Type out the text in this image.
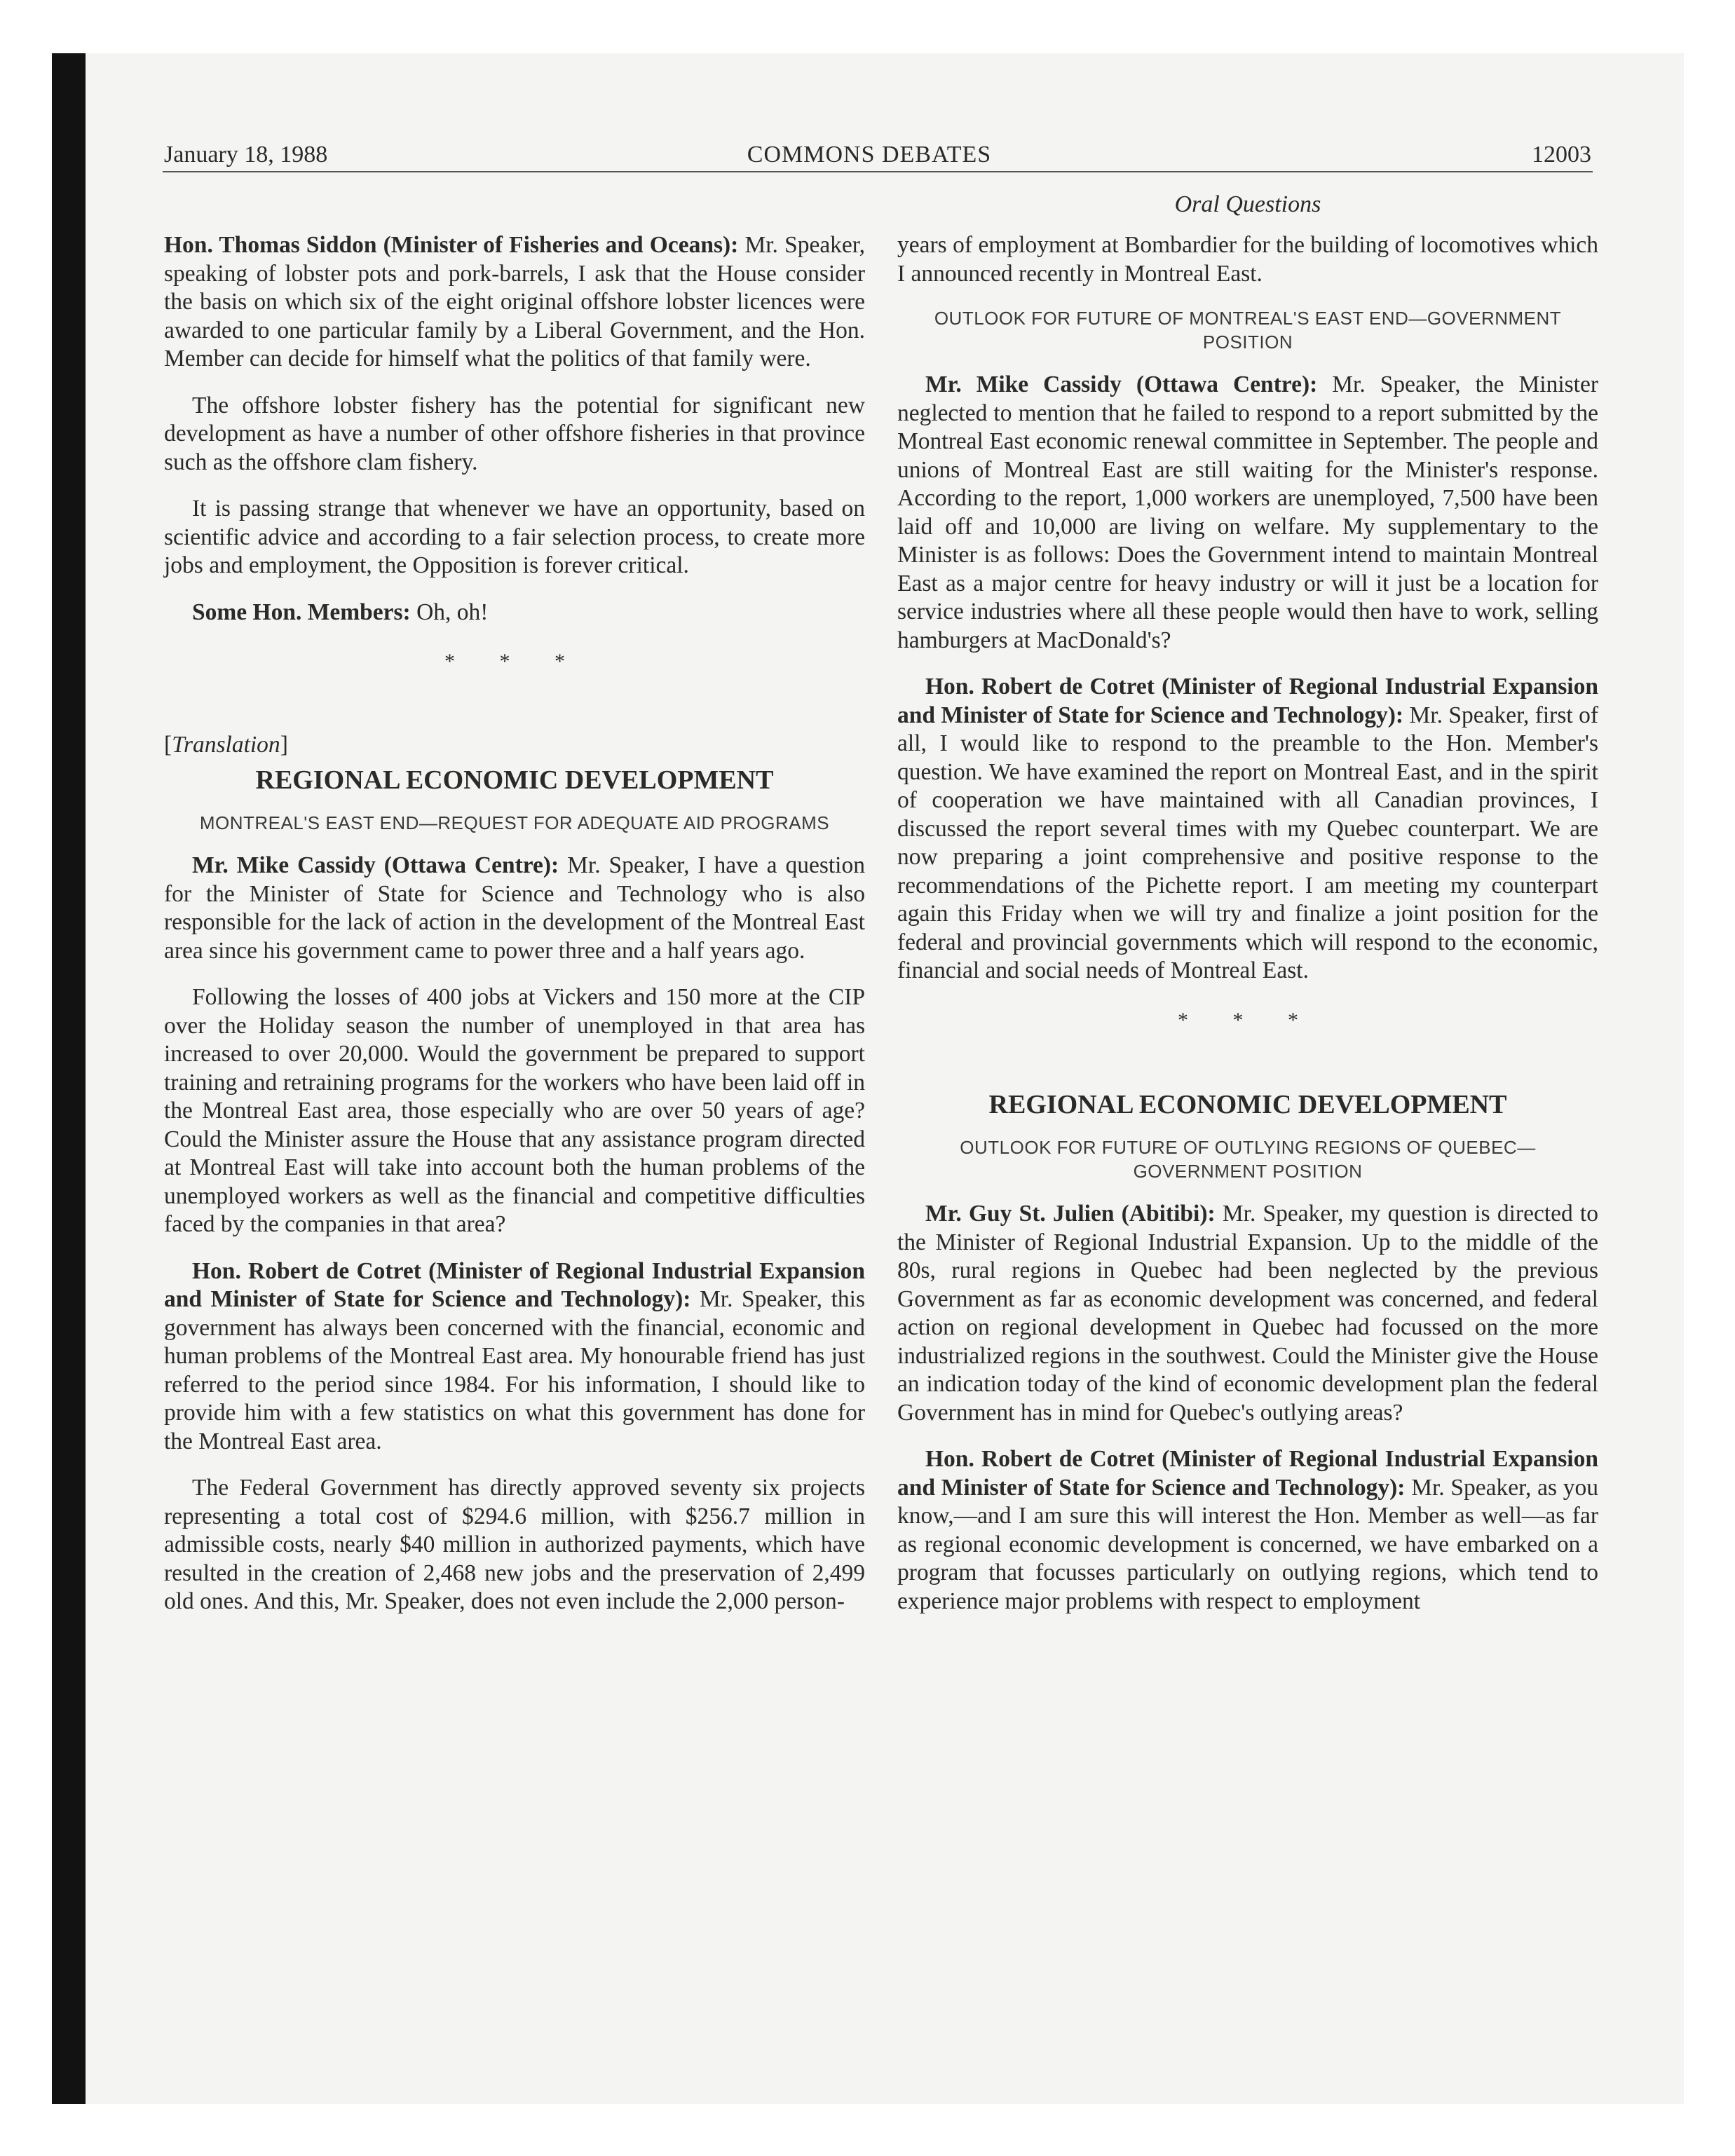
January 18, 1988	COMMONS DEBATES	12003
Oral Questions

Hon. Thomas Siddon (Minister of Fisheries and Oceans): Mr. Speaker, speaking of lobster pots and pork-barrels, I ask that the House consider the basis on which six of the eight original offshore lobster licences were awarded to one particular family by a Liberal Government, and the Hon. Member can decide for himself what the politics of that family were.

The offshore lobster fishery has the potential for significant new development as have a number of other offshore fisheries in that province such as the offshore clam fishery.

It is passing strange that whenever we have an opportunity, based on scientific advice and according to a fair selection process, to create more jobs and employment, the Opposition is forever critical.

Some Hon. Members: Oh, oh!

* * *

[Translation]

REGIONAL ECONOMIC DEVELOPMENT
MONTREAL'S EAST END—REQUEST FOR ADEQUATE AID PROGRAMS

Mr. Mike Cassidy (Ottawa Centre): Mr. Speaker, I have a question for the Minister of State for Science and Technology who is also responsible for the lack of action in the development of the Montreal East area since his government came to power three and a half years ago.

Following the losses of 400 jobs at Vickers and 150 more at the CIP over the Holiday season the number of unemployed in that area has increased to over 20,000. Would the government be prepared to support training and retraining programs for the workers who have been laid off in the Montreal East area, those especially who are over 50 years of age? Could the Minister assure the House that any assistance program directed at Montreal East will take into account both the human problems of the unemployed workers as well as the financial and competitive difficulties faced by the companies in that area?

Hon. Robert de Cotret (Minister of Regional Industrial Expansion and Minister of State for Science and Technology): Mr. Speaker, this government has always been concerned with the financial, economic and human problems of the Montreal East area. My honourable friend has just referred to the period since 1984. For his information, I should like to provide him with a few statistics on what this government has done for the Montreal East area.

The Federal Government has directly approved seventy six projects representing a total cost of $294.6 million, with $256.7 million in admissible costs, nearly $40 million in authorized payments, which have resulted in the creation of 2,468 new jobs and the preservation of 2,499 old ones. And this, Mr. Speaker, does not even include the 2,000 person-

years of employment at Bombardier for the building of locomotives which I announced recently in Montreal East.

OUTLOOK FOR FUTURE OF MONTREAL'S EAST END—GOVERNMENT POSITION

Mr. Mike Cassidy (Ottawa Centre): Mr. Speaker, the Minister neglected to mention that he failed to respond to a report submitted by the Montreal East economic renewal committee in September. The people and unions of Montreal East are still waiting for the Minister's response. According to the report, 1,000 workers are unemployed, 7,500 have been laid off and 10,000 are living on welfare. My supplementary to the Minister is as follows: Does the Government intend to maintain Montreal East as a major centre for heavy industry or will it just be a location for service industries where all these people would then have to work, selling hamburgers at MacDonald's?

Hon. Robert de Cotret (Minister of Regional Industrial Expansion and Minister of State for Science and Technology): Mr. Speaker, first of all, I would like to respond to the preamble to the Hon. Member's question. We have examined the report on Montreal East, and in the spirit of cooperation we have maintained with all Canadian provinces, I discussed the report several times with my Quebec counterpart. We are now preparing a joint comprehensive and positive response to the recommendations of the Pichette report. I am meeting my counterpart again this Friday when we will try and finalize a joint position for the federal and provincial governments which will respond to the economic, financial and social needs of Montreal East.

* * *
REGIONAL ECONOMIC DEVELOPMENT
OUTLOOK FOR FUTURE OF OUTLYING REGIONS OF QUEBEC—GOVERNMENT POSITION

Mr. Guy St. Julien (Abitibi): Mr. Speaker, my question is directed to the Minister of Regional Industrial Expansion. Up to the middle of the 80s, rural regions in Quebec had been neglected by the previous Government as far as economic development was concerned, and federal action on regional development in Quebec had focussed on the more industrialized regions in the southwest. Could the Minister give the House an indication today of the kind of economic development plan the federal Government has in mind for Quebec's outlying areas?

Hon. Robert de Cotret (Minister of Regional Industrial Expansion and Minister of State for Science and Technology): Mr. Speaker, as you know,—and I am sure this will interest the Hon. Member as well—as far as regional economic development is concerned, we have embarked on a program that focusses particularly on outlying regions, which tend to experience major problems with respect to employment
